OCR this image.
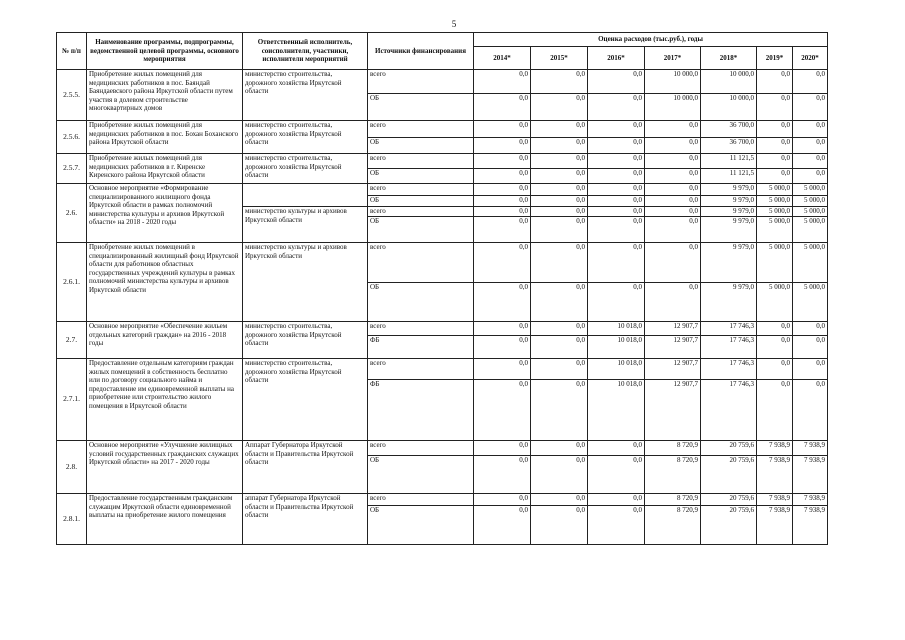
5
№ п/п	Наименование программы, подпрограммы, ведомственной целевой программы, основного мероприятия	Ответственный исполнитель, соисполнители, участники, исполнители мероприятий	Источники финансирования	Оценка расходов (тыс.руб.), годы						
				2014*	2015*	2016*	2017*	2018*	2019*	2020*
2.5.5.	Приобретение жилых помещений для медицинских работников в пос. Баяндай Баяндаевского района Иркутской области путем участия в долевом строительстве многоквартирных домов	министерство строительства, дорожного хозяйства Иркутской области	всего	0,0	0,0	0,0	10 000,0	10 000,0	0,0	0,0
			ОБ	0,0	0,0	0,0	10 000,0	10 000,0	0,0	0,0
2.5.6.	Приобретение жилых помещений для медицинских работников в пос. Бохан Боханского района Иркутской области	министерство строительства, дорожного хозяйства Иркутской области	всего	0,0	0,0	0,0	0,0	36 700,0	0,0	0,0
			ОБ	0,0	0,0	0,0	0,0	36 700,0	0,0	0,0
2.5.7.	Приобретение жилых помещений для медицинских работников в г. Киренске Киренского района Иркутской области	министерство строительства, дорожного хозяйства Иркутской области	всего	0,0	0,0	0,0	0,0	11 121,5	0,0	0,0
			ОБ	0,0	0,0	0,0	0,0	11 121,5	0,0	0,0
2.6.	Основное мероприятие «Формирование специализированного жилищного фонда Иркутской области в рамках полномочий министерства культуры и архивов Иркутской области» на 2018 - 2020 годы		всего	0,0	0,0	0,0	0,0	9 979,0	5 000,0	5 000,0
			ОБ	0,0	0,0	0,0	0,0	9 979,0	5 000,0	5 000,0
		министерство культуры и архивов Иркутской области	всего	0,0	0,0	0,0	0,0	9 979,0	5 000,0	5 000,0
			ОБ	0,0	0,0	0,0	0,0	9 979,0	5 000,0	5 000,0
2.6.1.	Приобретение жилых помещений в специализированный жилищный фонд Иркутской области для работников областных государственных учреждений культуры в рамках полномочий министерства культуры и архивов Иркутской области	министерство культуры и архивов Иркутской области	всего	0,0	0,0	0,0	0,0	9 979,0	5 000,0	5 000,0
			ОБ	0,0	0,0	0,0	0,0	9 979,0	5 000,0	5 000,0
2.7.	Основное мероприятие «Обеспечение жильем отдельных категорий граждан» на 2016 - 2018 годы	министерство строительства, дорожного хозяйства Иркутской области	всего	0,0	0,0	10 018,0	12 907,7	17 746,3	0,0	0,0
			ФБ	0,0	0,0	10 018,0	12 907,7	17 746,3	0,0	0,0
2.7.1.	Предоставление отдельным категориям граждан жилых помещений в собственность бесплатно или по договору социального найма и предоставление им единовременной выплаты на приобретение или строительство жилого помещения в Иркутской области	министерство строительства, дорожного хозяйства Иркутской области	всего	0,0	0,0	10 018,0	12 907,7	17 746,3	0,0	0,0
			ФБ	0,0	0,0	10 018,0	12 907,7	17 746,3	0,0	0,0
2.8.	Основное мероприятие «Улучшение жилищных условий государственных гражданских служащих Иркутской области» на 2017 - 2020 годы	Аппарат Губернатора Иркутской области и Правительства Иркутской области	всего	0,0	0,0	0,0	8 720,9	20 759,6	7 938,9	7 938,9
			ОБ	0,0	0,0	0,0	8 720,9	20 759,6	7 938,9	7 938,9
2.8.1.	Предоставление государственным гражданским служащим Иркутской области единовременной выплаты на приобретение жилого помещения	аппарат Губернатора Иркутской области и Правительства Иркутской области	всего	0,0	0,0	0,0	8 720,9	20 759,6	7 938,9	7 938,9
			ОБ	0,0	0,0	0,0	8 720,9	20 759,6	7 938,9	7 938,9
